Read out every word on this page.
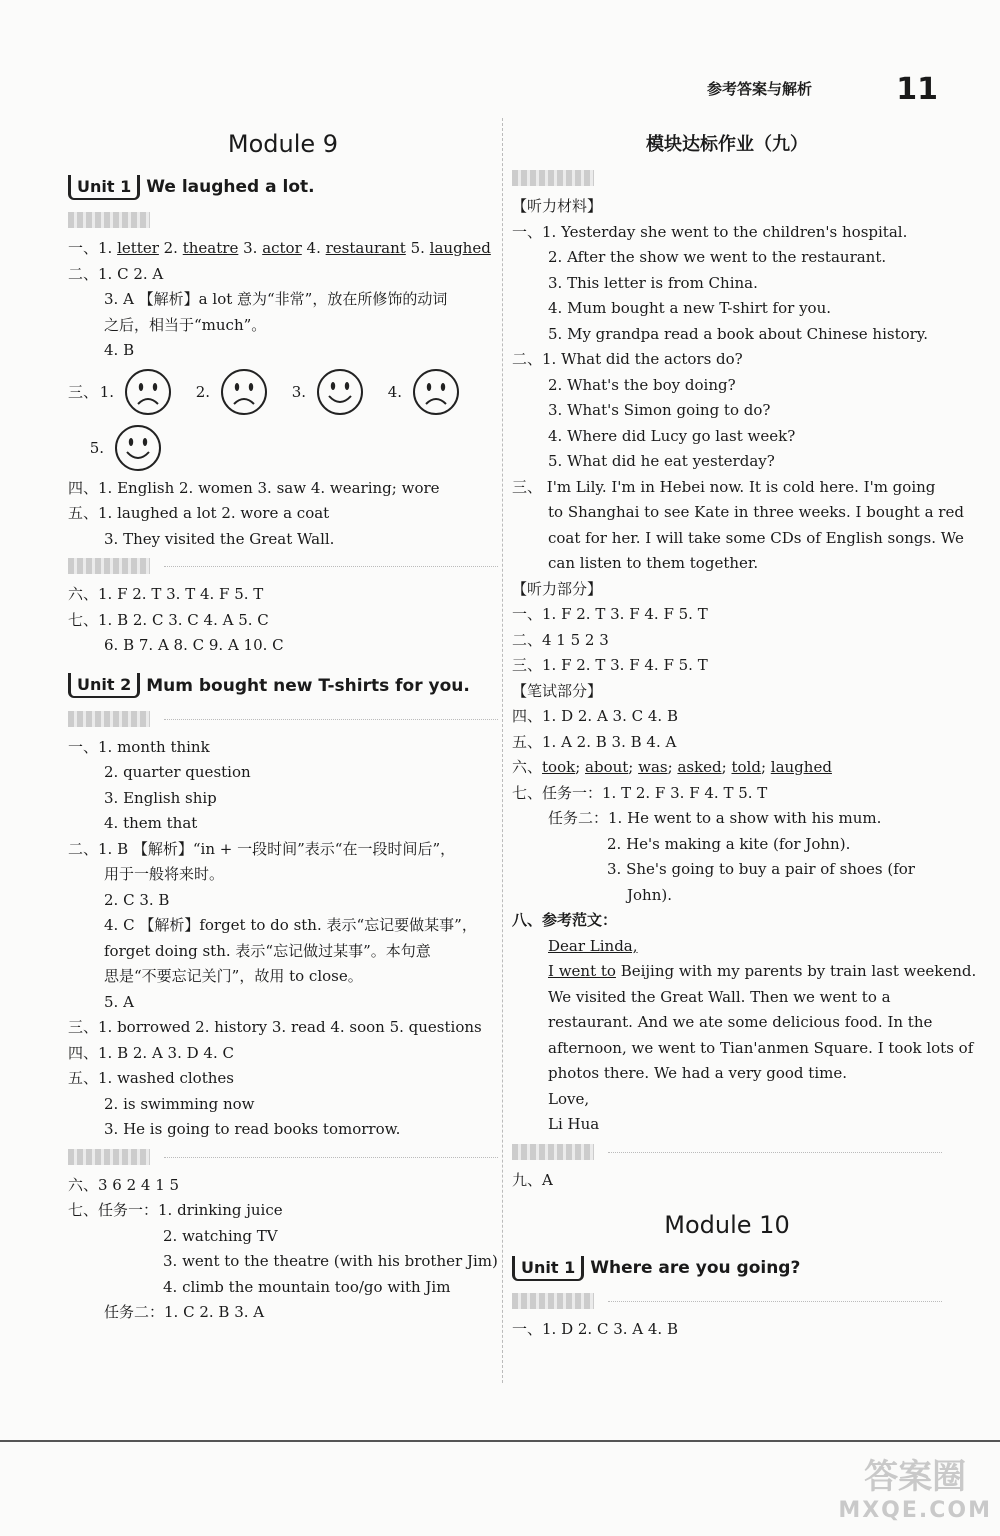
参考答案与解析	11
Module 9
Unit 1 We laughed a lot.
一、1. letter 2. theatre 3. actor 4. restaurant 5. laughed
二、1. C 2. A
3. A 【解析】a lot 意为“非常”，放在所修饰的动词
之后，相当于“much”。
4. B
三、 1.	2.	3.	4.
5.
四、1. English 2. women 3. saw 4. wearing; wore
五、1. laughed a lot 2. wore a coat
3. They visited the Great Wall.
六、1. F 2. T 3. T 4. F 5. T
七、1. B 2. C 3. C 4. A 5. C
6. B 7. A 8. C 9. A 10. C
Unit 2 Mum bought new T-shirts for you.
一、1. month think
2. quarter question
3. English ship
4. them that
二、1. B 【解析】“in + 一段时间”表示“在一段时间后”，
用于一般将来时。
2. C 3. B
4. C 【解析】forget to do sth. 表示“忘记要做某事”，
forget doing sth. 表示“忘记做过某事”。本句意
思是“不要忘记关门”，故用 to close。
5. A
三、1. borrowed 2. history 3. read 4. soon 5. questions
四、1. B 2. A 3. D 4. C
五、1. washed clothes
2. is swimming now
3. He is going to read books tomorrow.
六、3 6 2 4 1 5
七、任务一：1. drinking juice
2. watching TV
3. went to the theatre (with his brother Jim)
4. climb the mountain too/go with Jim
任务二：1. C 2. B 3. A
模块达标作业（九）
【听力材料】
一、1. Yesterday she went to the children's hospital.
2. After the show we went to the restaurant.
3. This letter is from China.
4. Mum bought a new T-shirt for you.
5. My grandpa read a book about Chinese history.
二、1. What did the actors do?
2. What's the boy doing?
3. What's Simon going to do?
4. Where did Lucy go last week?
5. What did he eat yesterday?
三、 I'm Lily. I'm in Hebei now. It is cold here. I'm going
to Shanghai to see Kate in three weeks. I bought a red
coat for her. I will take some CDs of English songs. We
can listen to them together.
【听力部分】
一、1. F 2. T 3. F 4. F 5. T
二、4 1 5 2 3
三、1. F 2. T 3. F 4. F 5. T
【笔试部分】
四、1. D 2. A 3. C 4. B
五、1. A 2. B 3. B 4. A
六、took; about; was; asked; told; laughed
七、任务一：1. T 2. F 3. F 4. T 5. T
任务二：1. He went to a show with his mum.
2. He's making a kite (for John).
3. She's going to buy a pair of shoes (for
John).
八、参考范文：
Dear Linda,
I went to Beijing with my parents by train last weekend.
We visited the Great Wall. Then we went to a
restaurant. And we ate some delicious food. In the
afternoon, we went to Tian'anmen Square. I took lots of
photos there. We had a very good time.
Love,
Li Hua
九、A
Module 10
Unit 1 Where are you going?
一、1. D 2. C 3. A 4. B
答案圈
MXQE.COM
